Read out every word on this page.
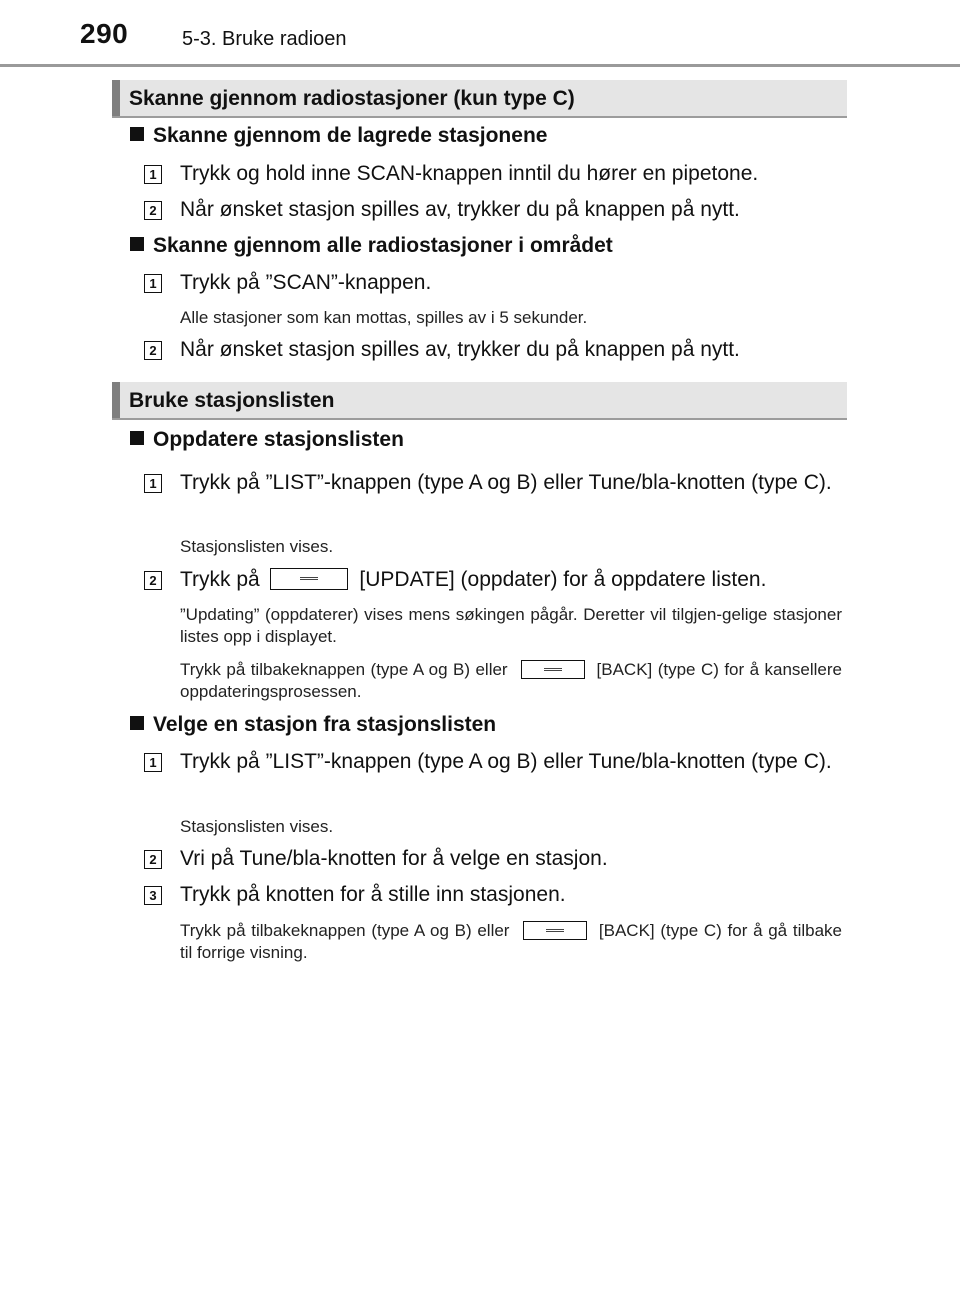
290	5-3. Bruke radioen
Skanne gjennom radiostasjoner (kun type C)
Skanne gjennom de lagrede stasjonene
1 Trykk og hold inne SCAN-knappen inntil du hører en pipetone.
2 Når ønsket stasjon spilles av, trykker du på knappen på nytt.
Skanne gjennom alle radiostasjoner i området
1 Trykk på ”SCAN”-knappen.
Alle stasjoner som kan mottas, spilles av i 5 sekunder.
2 Når ønsket stasjon spilles av, trykker du på knappen på nytt.
Bruke stasjonslisten
Oppdatere stasjonslisten
1 Trykk på ”LIST”-knappen (type A og B) eller Tune/bla-knotten (type C).
Stasjonslisten vises.
2 Trykk på	[UPDATE] (oppdater) for å oppdatere listen.
”Updating” (oppdaterer) vises mens søkingen pågår. Deretter vil tilgjen-gelige stasjoner listes opp i displayet.
Trykk på tilbakeknappen (type A og B) eller	[BACK] (type C) for å kansellere oppdateringsprosessen.
Velge en stasjon fra stasjonslisten
1 Trykk på ”LIST”-knappen (type A og B) eller Tune/bla-knotten (type C).
Stasjonslisten vises.
2 Vri på Tune/bla-knotten for å velge en stasjon.
3 Trykk på knotten for å stille inn stasjonen.
Trykk på tilbakeknappen (type A og B) eller	[BACK] (type C) for å gå tilbake til forrige visning.
